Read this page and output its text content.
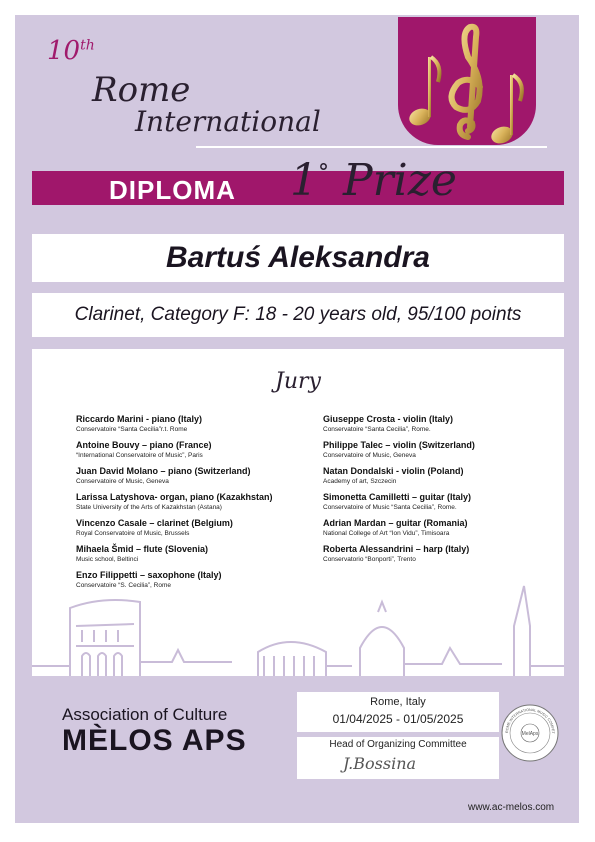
10th
Rome
International
DIPLOMA 1° Prize
Bartuś Aleksandra
Clarinet, Category F: 18 - 20 years old, 95/100 points
Jury
Riccardo Marini - piano (Italy)
Conservatoire “Santa Cecilia”r.t. Rome
Antoine Bouvy – piano (France)
“International Conservatoire of Music”, Paris
Juan David Molano – piano (Switzerland)
Conservatoire of Music, Geneva
Larissa Latyshova- organ, piano (Kazakhstan)
State University of the Arts of Kazakhstan (Astana)
Vincenzo Casale – clarinet (Belgium)
Royal Conservatoire of Music, Brussels
Mihaela Šmid – flute (Slovenia)
Music school, Beltinci
Enzo Filippetti – saxophone (Italy)
Conservatoire “S. Cecilia”, Rome
Giuseppe Crosta - violin (Italy)
Conservatoire “Santa Cecilia”, Rome.
Philippe Talec – violin (Switzerland)
Conservatoire of Music, Geneva
Natan Dondalski - violin (Poland)
Academy of art, Szczecin
Simonetta Camilletti – guitar (Italy)
Conservatoire of Music “Santa Cecilia”, Rome.
Adrian Mardan – guitar (Romania)
National College of Art “Ion Vidu”, Timisoara
Roberta Alessandrini – harp (Italy)
Conservatorio “Bonporti”, Trento
Association of Culture
MÈLOS APS
Rome, Italy
01/04/2025 - 01/05/2025
Head of Organizing Committee
J.Bossina
MelAps
ROME INTERNATIONAL MUSIC COMPET
www.ac-melos.com
